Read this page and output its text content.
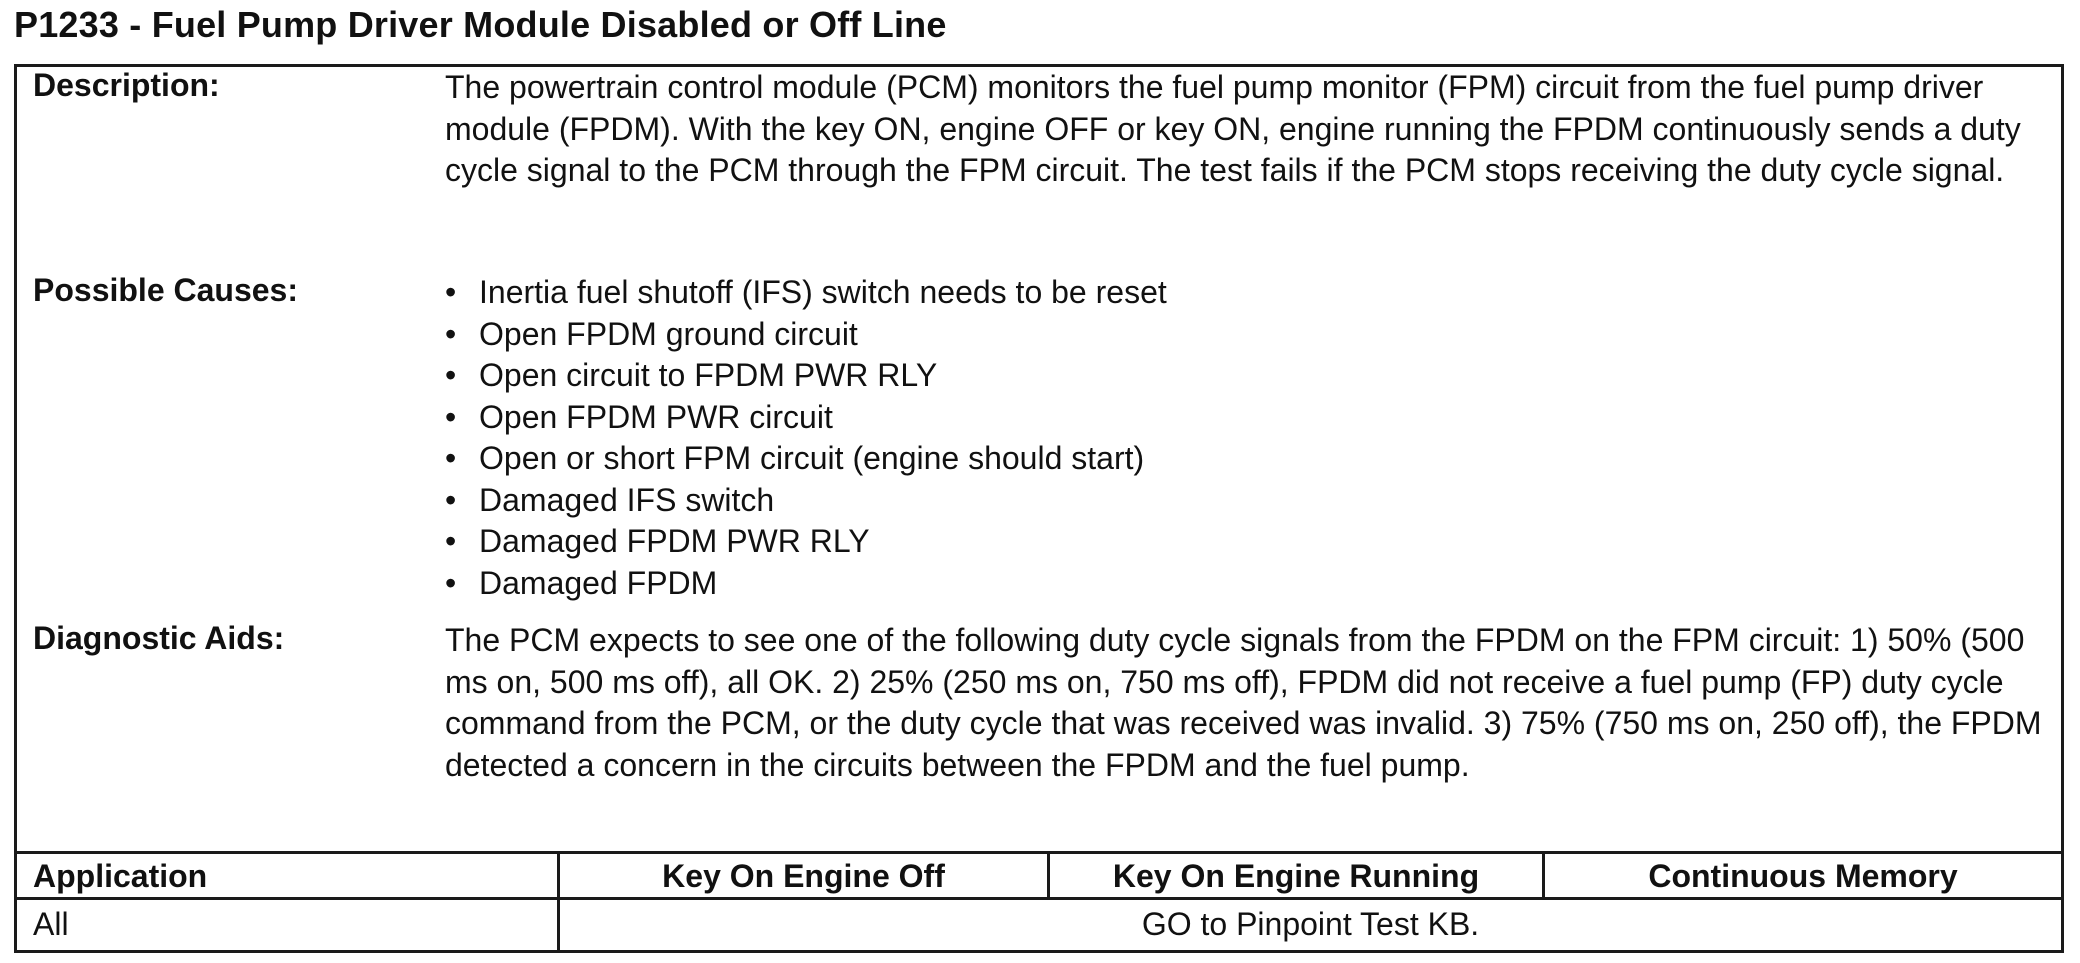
P1233 - Fuel Pump Driver Module Disabled or Off Line
Description:	The powertrain control module (PCM) monitors the fuel pump monitor (FPM) circuit from the fuel pump driver module (FPDM). With the key ON, engine OFF or key ON, engine running the FPDM continuously sends a duty cycle signal to the PCM through the FPM circuit. The test fails if the PCM stops receiving the duty cycle signal.
Possible Causes:	• Inertia fuel shutoff (IFS) switch needs to be reset
• Open FPDM ground circuit
• Open circuit to FPDM PWR RLY
• Open FPDM PWR circuit
• Open or short FPM circuit (engine should start)
• Damaged IFS switch
• Damaged FPDM PWR RLY
• Damaged FPDM
Diagnostic Aids:	The PCM expects to see one of the following duty cycle signals from the FPDM on the FPM circuit: 1) 50% (500 ms on, 500 ms off), all OK. 2) 25% (250 ms on, 750 ms off), FPDM did not receive a fuel pump (FP) duty cycle command from the PCM, or the duty cycle that was received was invalid. 3) 75% (750 ms on, 250 off), the FPDM detected a concern in the circuits between the FPDM and the fuel pump.
Application	Key On Engine Off	Key On Engine Running	Continuous Memory
All	GO to Pinpoint Test KB.
